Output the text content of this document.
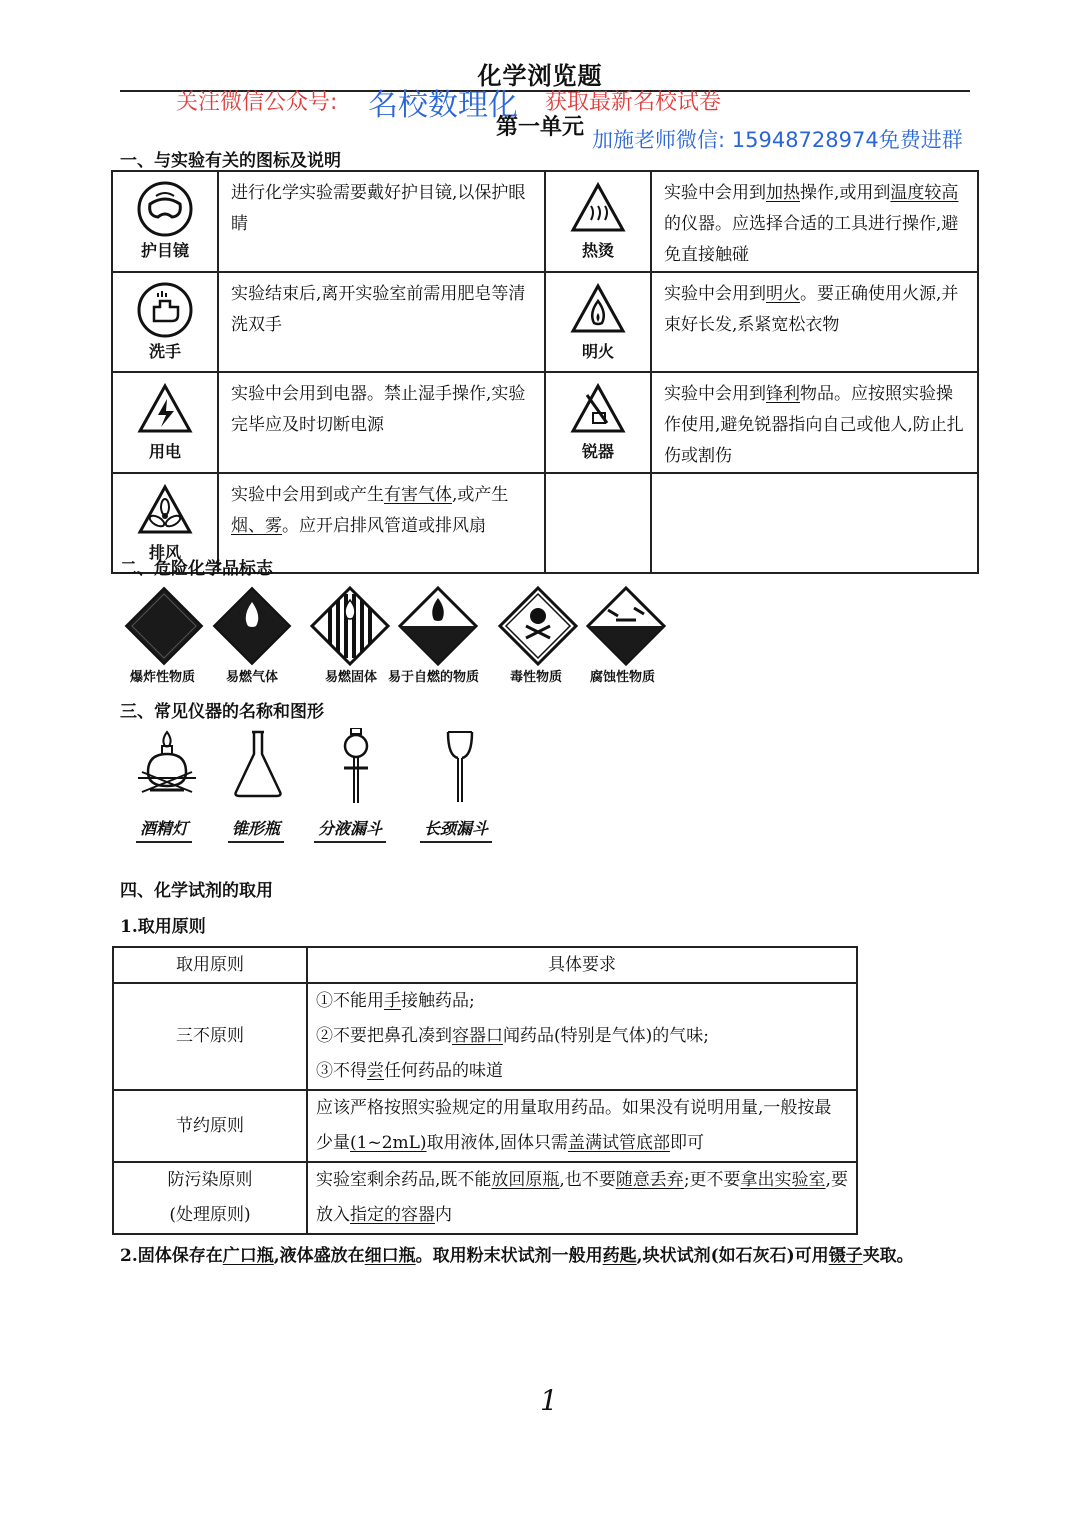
化学浏览题
关注微信公众号: 名校数理化 获取最新名校试卷
第一单元 加施老师微信: 15948728974免费进群
一、与实验有关的图标及说明
护目镜	进行化学实验需要戴好护目镜,以保护眼睛	热烫	实验中会用到加热操作,或用到温度较高的仪器。应选择合适的工具进行操作,避免直接触碰

洗手	实验结束后,离开实验室前需用肥皂等清洗双手	明火	实验中会用到明火。要正确使用火源,并束好长发,系紧宽松衣物

用电	实验中会用到电器。禁止湿手操作,实验完毕应及时切断电源	锐器	实验中会用到锋利物品。应按照实验操作使用,避免锐器指向自己或他人,防止扎伤或割伤

排风	实验中会用到或产生有害气体,或产生烟、雾。应开启排风管道或排风扇		
二、危险化学品标志
爆炸性物质 易燃气体	易燃固体 易于自燃的物质 毒性物质 腐蚀性物质
三、常见仪器的名称和图形
酒精灯	锥形瓶 分液漏斗	长颈漏斗
四、化学试剂的取用
1.取用原则
取用原则	具体要求
三不原则	①不能用手接触药品;
②不要把鼻孔凑到容器口闻药品(特别是气体)的气味;
③不得尝任何药品的味道

节约原则	应该严格按照实验规定的用量取用药品。如果没有说明用量,一般按最少量(1~2mL)取用液体,固体只需盖满试管底部即可

防污染原则
(处理原则)	实验室剩余药品,既不能放回原瓶,也不要随意丢弃;更不要拿出实验室,要放入指定的容器内
2.固体保存在广口瓶,液体盛放在细口瓶。取用粉末状试剂一般用药匙,块状试剂(如石灰石)可用镊子夹取。
1
